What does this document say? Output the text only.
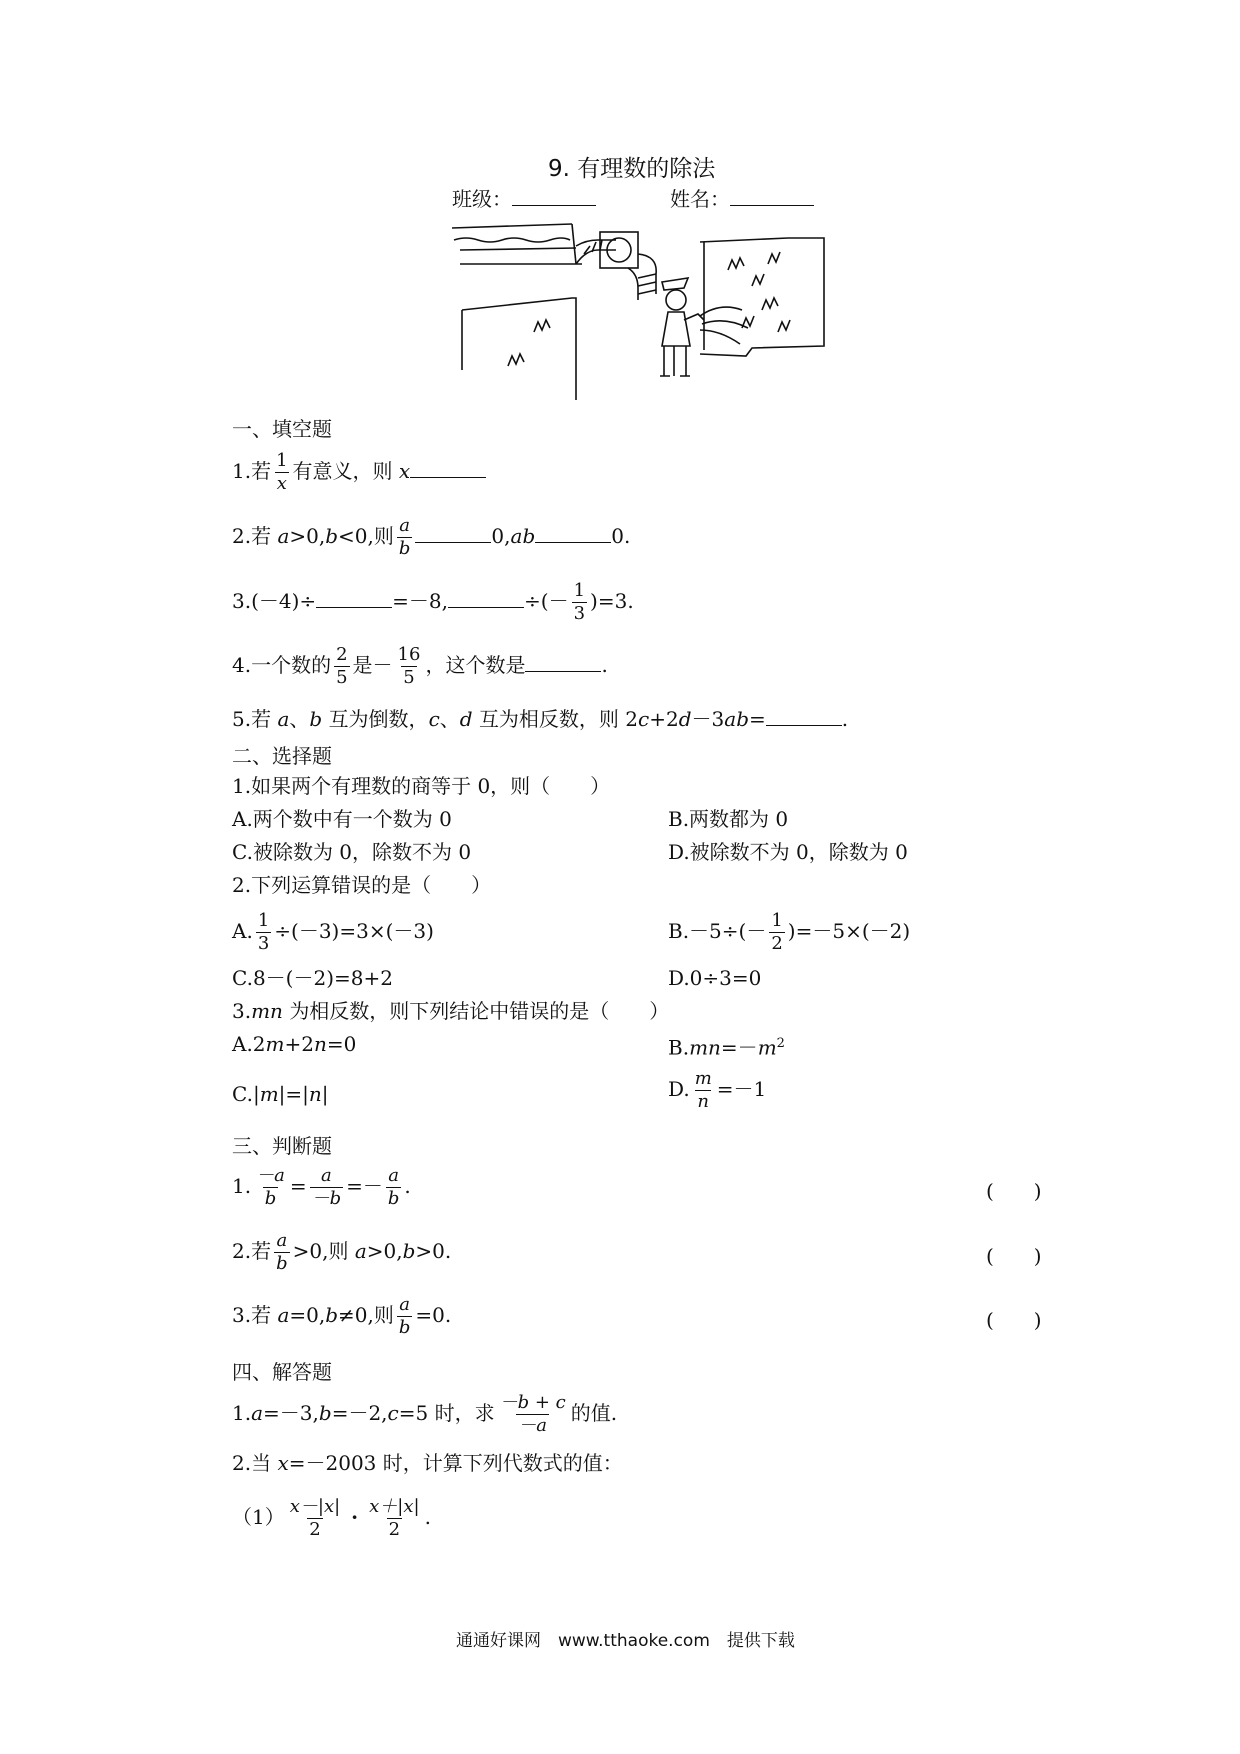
9. 有理数的除法
班级：	姓名：
一、填空题
1.若 $\frac{1}{x}$ 有意义，则 x
2.若 a>0,b<0,则 $\frac{a}{b}$	0,ab	0.
3.(－4)÷	=－8,	÷(－ $\frac{1}{3} )=3$.
4.一个数的 $\frac{2}{5}$ 是－ $\frac{16}{5}$ ，这个数是	.
5.若 a、b 互为倒数，c、d 互为相反数，则 2c+2d－3ab=	.
二、选择题
1.如果两个有理数的商等于 0，则（　　）
A.两个数中有一个数为 0	B.两数都为 0
C.被除数为 0，除数不为 0	D.被除数不为 0，除数为 0
2.下列运算错误的是（　　）
A. $\frac{1}{3} \div(-3)=3\times(-3)$	$B.-5\div(- \frac{1}{2} )=-5\times(-2)$
C.8－(－2)=8+2	D.0÷3=0
3.mn 为相反数，则下列结论中错误的是（　　）
A.2m+2n=0	$B.mn=-m^2$
C.|m|=|n|	D. $\frac{m}{n} =-1$
三、判断题
1. $\frac{-a}{b} = \frac{a}{-b} =- \frac{a}{b}$ .	(　　)
2.若 $\frac{a}{b} >0$,则 a>0,b>0.	(　　)
3.若 a=0,b≠0,则 $\frac{a}{b} =0$.	(　　)
四、解答题
1.a=－3,b=－2,c=5 时，求 $\frac{-b + c}{-a}$ 的值.
2.当 x=－2003 时，计算下列代数式的值：
$(1) \frac{x-|x|}{2} \cdot \frac{x+|x|}{2}$ .
通通好课网　www.tthaoke.com　提供下载
